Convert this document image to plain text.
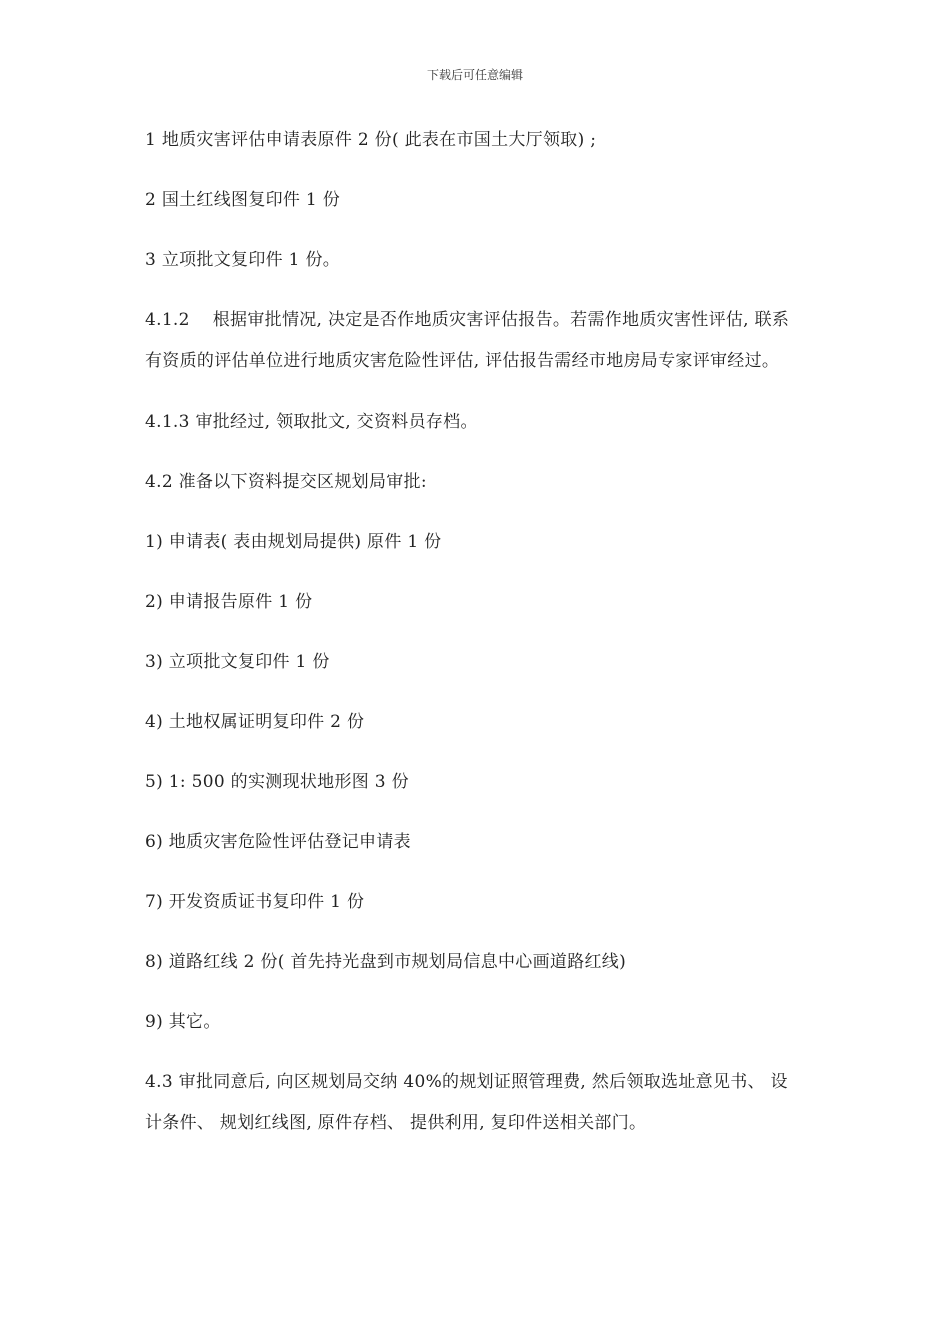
下载后可任意编辑

1 地质灾害评估申请表原件 2 份( 此表在市国土大厅领取) ;

2 国土红线图复印件 1 份

3 立项批文复印件 1 份。

4.1.2 　根据审批情况, 决定是否作地质灾害评估报告。若需作地质灾害性评估, 联系有资质的评估单位进行地质灾害危险性评估, 评估报告需经市地房局专家评审经过。

4.1.3 审批经过, 领取批文, 交资料员存档。

4.2 准备以下资料提交区规划局审批:

1) 申请表( 表由规划局提供) 原件 1 份

2) 申请报告原件 1 份

3) 立项批文复印件 1 份

4) 土地权属证明复印件 2 份

5) 1: 500 的实测现状地形图 3 份

6) 地质灾害危险性评估登记申请表

7) 开发资质证书复印件 1 份

8) 道路红线 2 份( 首先持光盘到市规划局信息中心画道路红线)

9) 其它。

4.3 审批同意后, 向区规划局交纳 40%的规划证照管理费, 然后领取选址意见书、 设计条件、 规划红线图, 原件存档、 提供利用, 复印件送相关部门。
